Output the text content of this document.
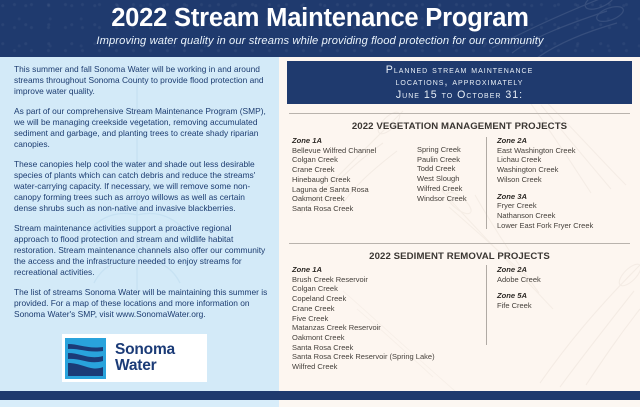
2022 Stream Maintenance Program
Improving water quality in our streams while providing flood protection for our community

This summer and fall Sonoma Water will be working in and around streams throughout Sonoma County to provide flood protection and improve water quality.

As part of our comprehensive Stream Maintenance Program (SMP), we will be managing creekside vegetation, removing accumulated sediment and garbage, and planting trees to create shady riparian canopies.

These canopies help cool the water and shade out less desirable species of plants which can catch debris and reduce the streams' water-carrying capacity. If necessary, we will remove some non-canopy forming trees such as arroyo willows as well as certain dense shrubs such as non-native and invasive blackberries.

Stream maintenance activities support a proactive regional approach to flood protection and stream and wildlife habitat restoration. Stream maintenance channels also offer our community the access and the infrastructure needed to enjoy streams for recreational activities.

The list of streams Sonoma Water will be maintaining this summer is provided. For a map of these locations and more information on Sonoma Water's SMP, visit www.SonomaWater.org.

Sonoma
Water
Planned stream maintenance
locations, approximately
June 15 to October 31:
2022 VEGETATION MANAGEMENT PROJECTS
Zone 1A
Bellevue Wilfred Channel
Colgan Creek
Crane Creek
Hinebaugh Creek
Laguna de Santa Rosa
Oakmont Creek
Santa Rosa Creek
Spring Creek
Paulin Creek
Todd Creek
West Slough
Wilfred Creek
Windsor Creek
Zone 2A
East Washington Creek
Lichau Creek
Washington Creek
Wilson Creek
Zone 3A
Fryer Creek
Nathanson Creek
Lower East Fork Fryer Creek
2022 SEDIMENT REMOVAL PROJECTS
Zone 1A
Brush Creek Reservoir
Colgan Creek
Copeland Creek
Crane Creek
Five Creek
Matanzas Creek Reservoir
Oakmont Creek
Santa Rosa Creek
Santa Rosa Creek Reservoir (Spring Lake)
Wilfred Creek
Zone 2A
Adobe Creek
Zone 5A
Fife Creek
